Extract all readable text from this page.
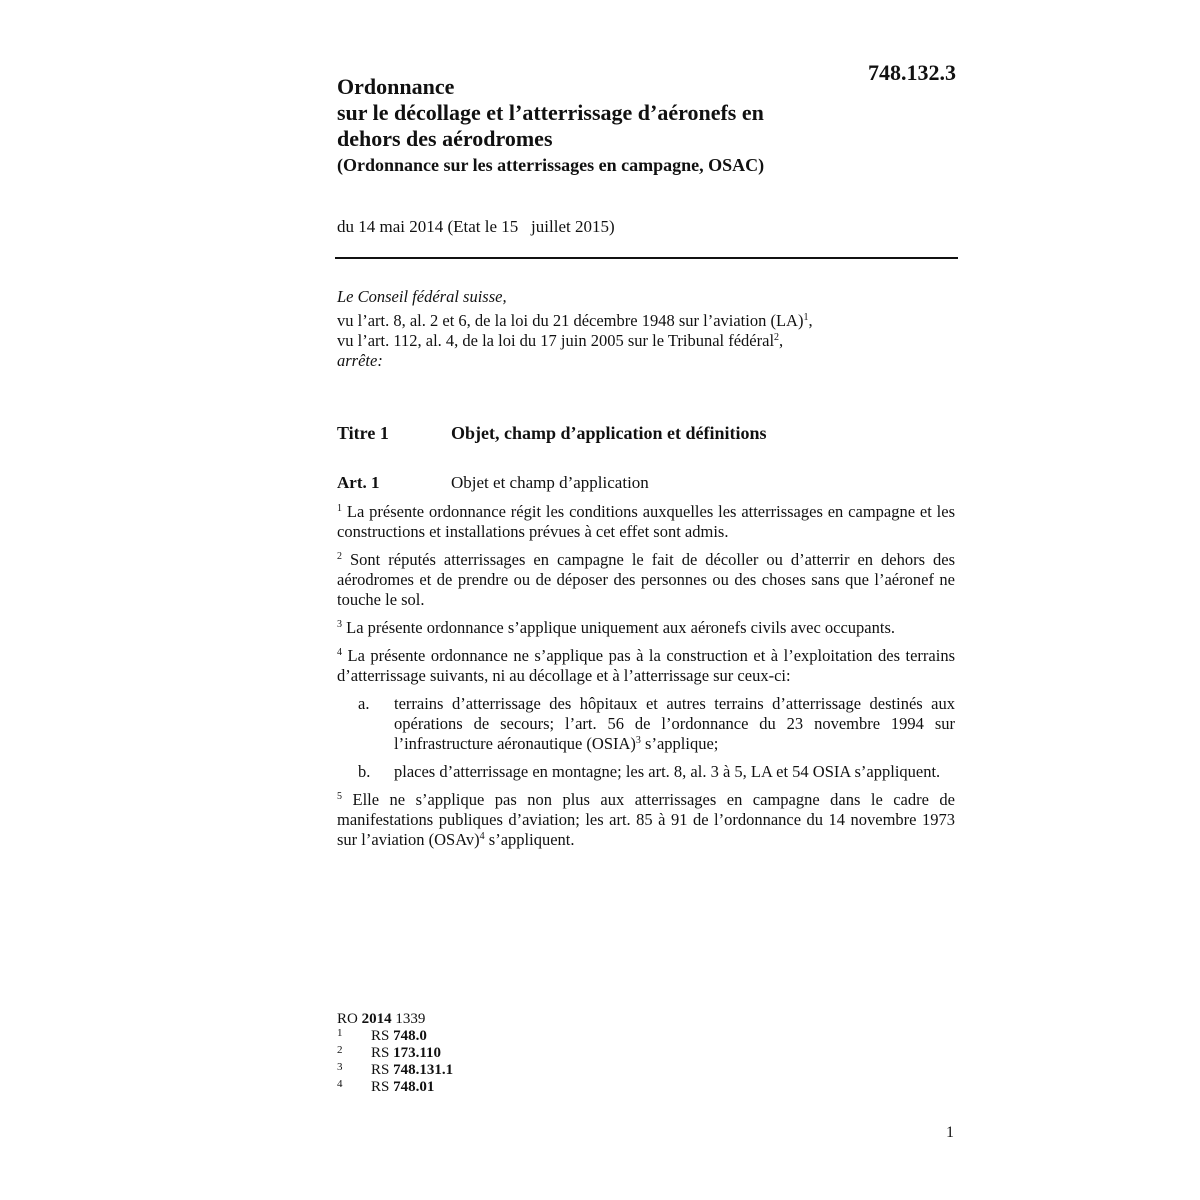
748.132.3
Ordonnance
sur le décollage et l’atterrissage d’aéronefs en
dehors des aérodromes
(Ordonnance sur les atterrissages en campagne, OSAC)
du 14 mai 2014 (Etat le 15   juillet 2015)
Le Conseil fédéral suisse,
vu l’art. 8, al. 2 et 6, de la loi du 21 décembre 1948 sur l’aviation (LA)$^1$,
vu l’art. 112, al. 4, de la loi du 17 juin 2005 sur le Tribunal fédéral$^2$,
arrête:
Titre 1	Objet, champ d’application et définitions
Art. 1	Objet et champ d’application

$^1$ La présente ordonnance régit les conditions auxquelles les atterrissages en campagne et les constructions et installations prévues à cet effet sont admis.

$^2$ Sont réputés atterrissages en campagne le fait de décoller ou d’atterrir en dehors des aérodromes et de prendre ou de déposer des personnes ou des choses sans que l’aéronef ne touche le sol.

$^3$ La présente ordonnance s’applique uniquement aux aéronefs civils avec occupants.

$^4$ La présente ordonnance ne s’applique pas à la construction et à l’exploitation des terrains d’atterrissage suivants, ni au décollage et à l’atterrissage sur ceux-ci:

a. terrains d’atterrissage des hôpitaux et autres terrains d’atterrissage destinés aux opérations de secours; l’art. 56 de l’ordonnance du 23 novembre 1994 sur l’infrastructure aéronautique (OSIA)$^3$ s’applique;
b. places d’atterrissage en montagne; les art. 8, al. 3 à 5, LA et 54 OSIA s’appliquent.

$^5$ Elle ne s’applique pas non plus aux atterrissages en campagne dans le cadre de manifestations publiques d’aviation; les art. 85 à 91 de l’ordonnance du 14 novembre 1973 sur l’aviation (OSAv)$^4$ s’appliquent.

RO 2014 1339
1 RS 748.0
2 RS 173.110
3 RS 748.131.1
4 RS 748.01
1
